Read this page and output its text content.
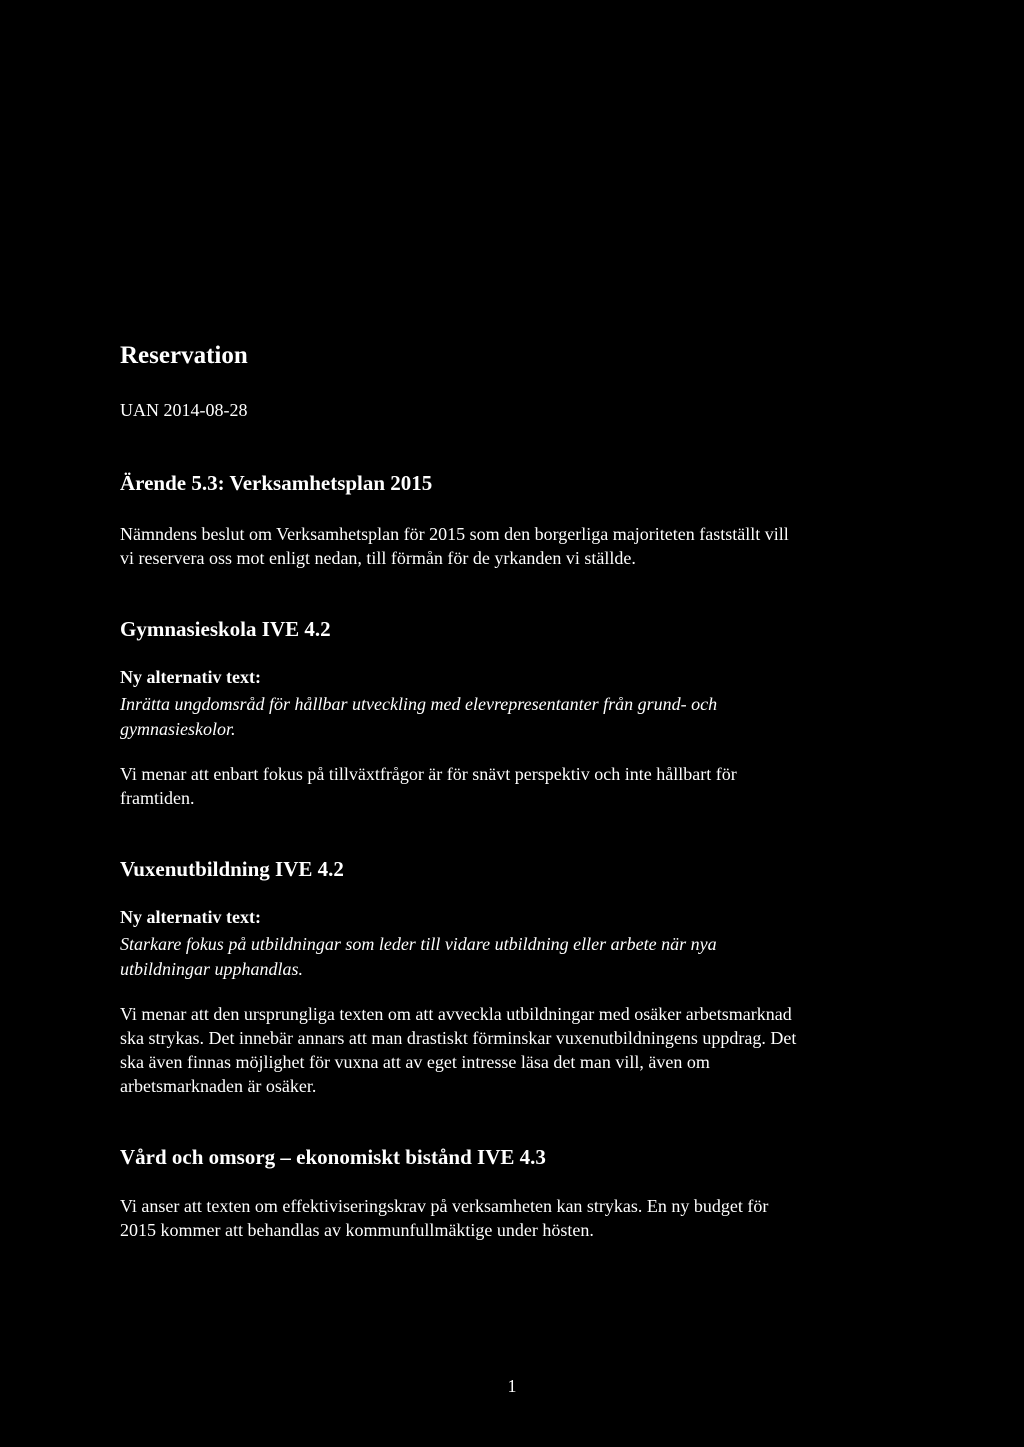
Reservation
UAN 2014-08-28
Ärende 5.3: Verksamhetsplan 2015
Nämndens beslut om Verksamhetsplan för 2015 som den borgerliga majoriteten fastställt vill
vi reservera oss mot enligt nedan, till förmån för de yrkanden vi ställde.
Gymnasieskola IVE 4.2
Ny alternativ text:
Inrätta ungdomsråd för hållbar utveckling med elevrepresentanter från grund- och
gymnasieskolor.
Vi menar att enbart fokus på tillväxtfrågor är för snävt perspektiv och inte hållbart för
framtiden.
Vuxenutbildning IVE 4.2
Ny alternativ text:
Starkare fokus på utbildningar som leder till vidare utbildning eller arbete när nya
utbildningar upphandlas.
Vi menar att den ursprungliga texten om att avveckla utbildningar med osäker arbetsmarknad
ska strykas. Det innebär annars att man drastiskt förminskar vuxenutbildningens uppdrag. Det
ska även finnas möjlighet för vuxna att av eget intresse läsa det man vill, även om
arbetsmarknaden är osäker.
Vård och omsorg – ekonomiskt bistånd IVE 4.3
Vi anser att texten om effektiviseringskrav på verksamheten kan strykas. En ny budget för
2015 kommer att behandlas av kommunfullmäktige under hösten.
1
